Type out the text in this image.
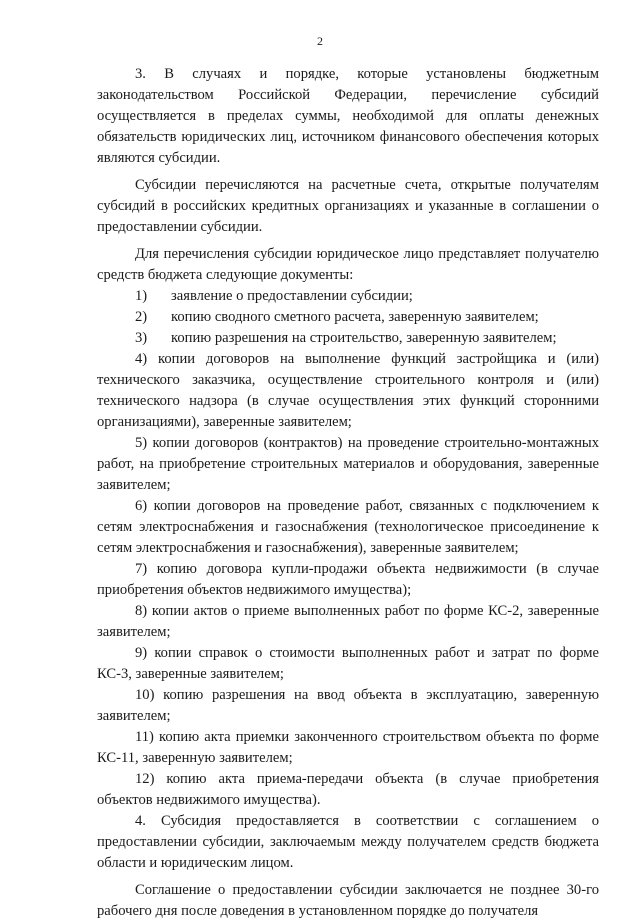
2

3. В случаях и порядке, которые установлены бюджетным законодательством Российской Федерации, перечисление субсидий осуществляется в пределах суммы, необходимой для оплаты денежных обязательств юридических лиц, источником финансового обеспечения которых являются субсидии.

Субсидии перечисляются на расчетные счета, открытые получателям субсидий в российских кредитных организациях и указанные в соглашении о предоставлении субсидии.

Для перечисления субсидии юридическое лицо представляет получателю средств бюджета следующие документы:

1)	заявление о предоставлении субсидии;
2)	копию сводного сметного расчета, заверенную заявителем;
3)	копию разрешения на строительство, заверенную заявителем;

4) копии договоров на выполнение функций застройщика и (или) технического заказчика, осуществление строительного контроля и (или) технического надзора (в случае осуществления этих функций сторонними организациями), заверенные заявителем;

5) копии договоров (контрактов) на проведение строительно-монтажных работ, на приобретение строительных материалов и оборудования, заверенные заявителем;

6) копии договоров на проведение работ, связанных с подключением к сетям электроснабжения и газоснабжения (технологическое присоединение к сетям электроснабжения и газоснабжения), заверенные заявителем;

7) копию договора купли-продажи объекта недвижимости (в случае приобретения объектов недвижимого имущества);

8) копии актов о приеме выполненных работ по форме КС-2, заверенные заявителем;

9) копии справок о стоимости выполненных работ и затрат по форме КС-3, заверенные заявителем;

10) копию разрешения на ввод объекта в эксплуатацию, заверенную заявителем;

11) копию акта приемки законченного строительством объекта по форме КС-11, заверенную заявителем;

12) копию акта приема-передачи объекта (в случае приобретения объектов недвижимого имущества).

4. Субсидия предоставляется в соответствии с соглашением о предоставлении субсидии, заключаемым между получателем средств бюджета области и юридическим лицом.

Соглашение о предоставлении субсидии заключается не позднее 30-го рабочего дня после доведения в установленном порядке до получателя
